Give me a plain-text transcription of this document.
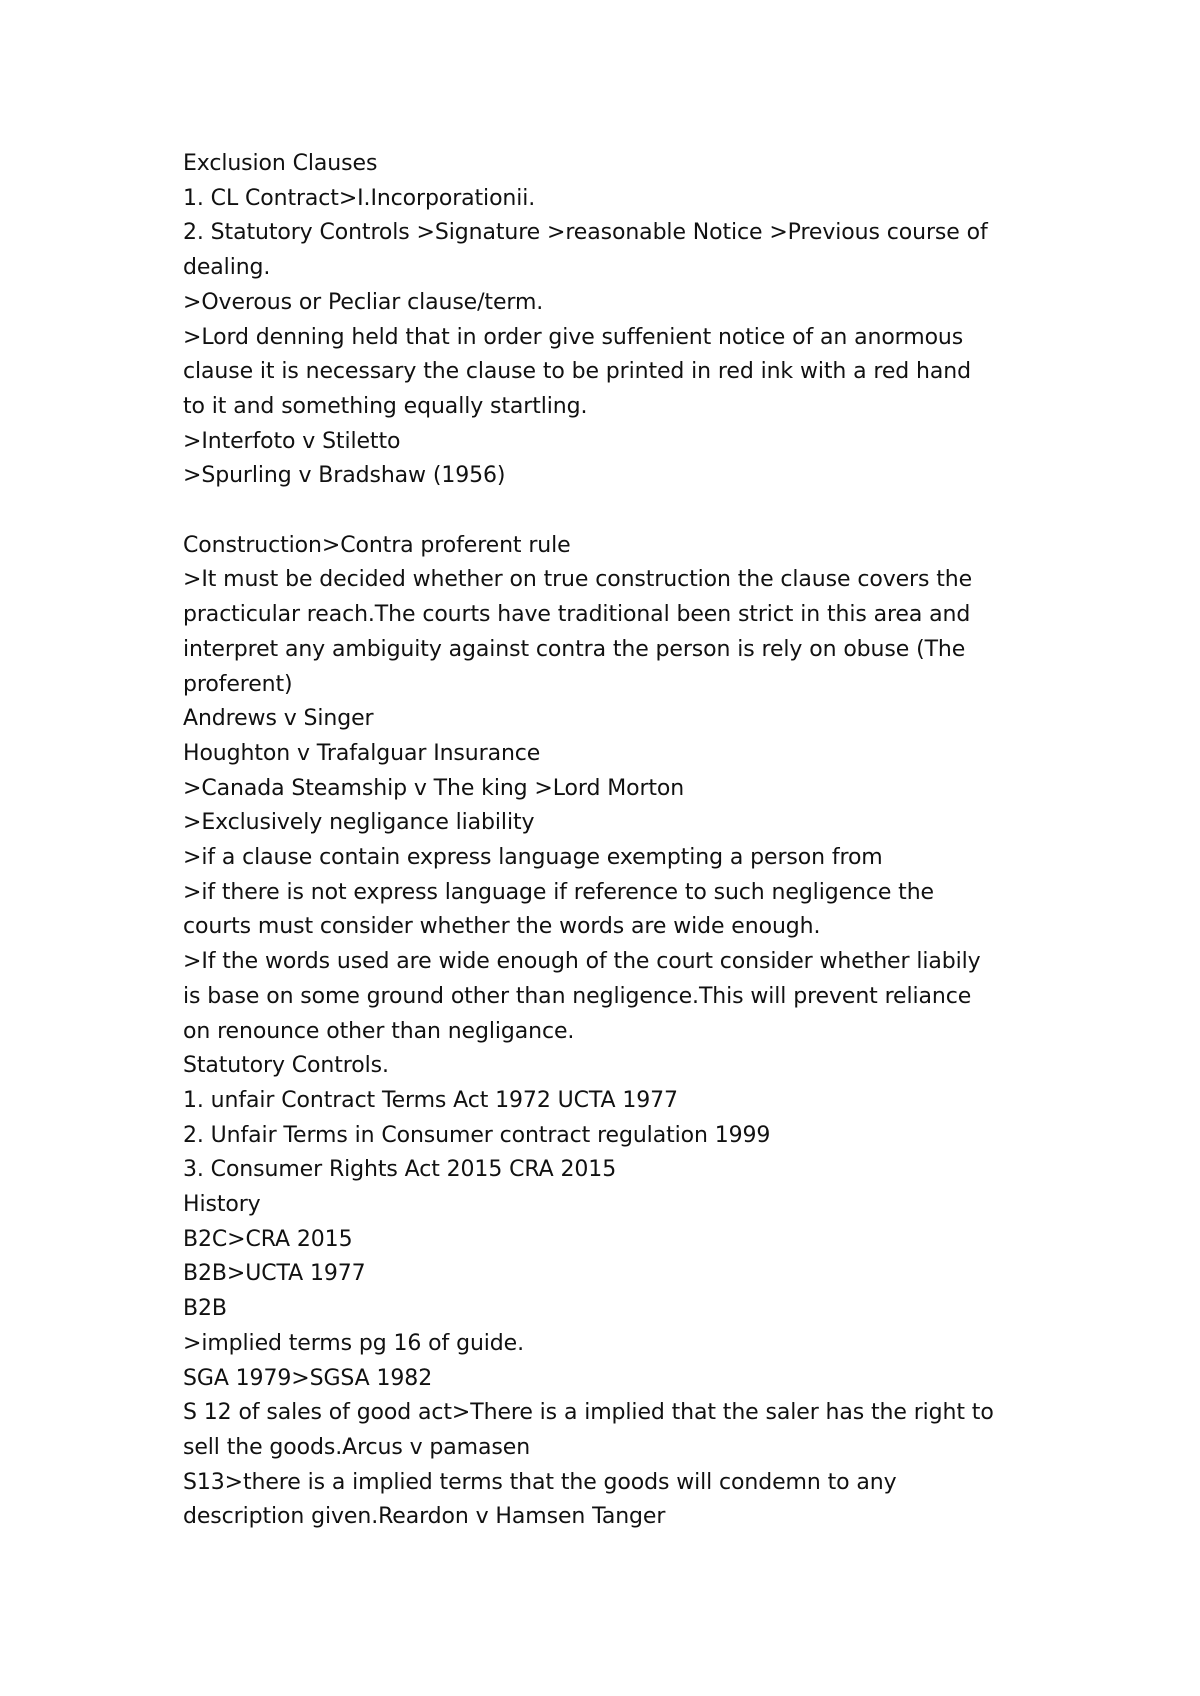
Exclusion Clauses
1. CL Contract>I.Incorporationii.
2. Statutory Controls >Signature >reasonable Notice >Previous course of
dealing.
>Overous or Pecliar clause/term.
>Lord denning held that in order give suffenient notice of an anormous
clause it is necessary the clause to be printed in red ink with a red hand
to it and something equally startling.
>Interfoto v Stiletto
>Spurling v Bradshaw (1956)
Construction>Contra proferent rule
>It must be decided whether on true construction the clause covers the
practicular reach.The courts have traditional been strict in this area and
interpret any ambiguity against contra the person is rely on obuse (The
proferent)
Andrews v Singer
Houghton v Trafalguar Insurance
>Canada Steamship v The king >Lord Morton
>Exclusively negligance liability
>if a clause contain express language exempting a person from
>if there is not express language if reference to such negligence the
courts must consider whether the words are wide enough.
>If the words used are wide enough of the court consider whether liabily
is base on some ground other than negligence.This will prevent reliance
on renounce other than negligance.
Statutory Controls.
1. unfair Contract Terms Act 1972 UCTA 1977
2. Unfair Terms in Consumer contract regulation 1999
3. Consumer Rights Act 2015 CRA 2015
History
B2C>CRA 2015
B2B>UCTA 1977
B2B
>implied terms pg 16 of guide.
SGA 1979>SGSA 1982
S 12 of sales of good act>There is a implied that the saler has the right to
sell the goods.Arcus v pamasen
S13>there is a implied terms that the goods will condemn to any
description given.Reardon v Hamsen Tanger
